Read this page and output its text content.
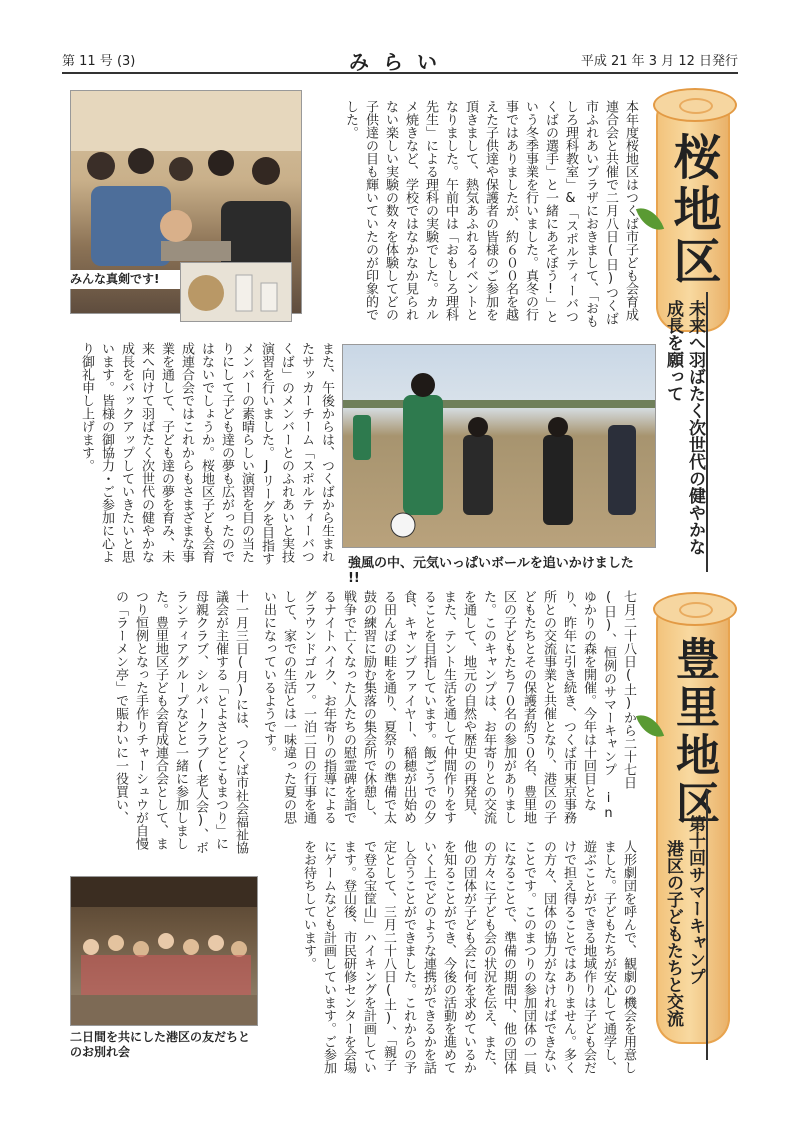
第 11 号 (3)	みらい	平成 21 年 3 月 12 日発行
桜地区
未来へ羽ばたく次世代の健やかな成長を願って
本年度桜地区はつくば市子ども会育成連合会と共催で二月八日(日)つくば市ふれあいプラザにおきまして、「おもしろ理科教室」&「スポルティーバつくばの選手」と一緒にあそぼう!」という冬季事業を行いました。真冬の行事ではありましたが、約６００名を越えた子供達や保護者の皆様のご参加を頂きまして、熱気あふれるイベントとなりました。午前中は「おもしろ理科先生」による理科の実験でした。カルメ焼きなど、学校ではなかなか見られない楽しい実験の数々を体験してどの子供達の目も輝いていたのが印象的でした。
みんな真剣です!
強風の中、元気いっぱいボールを追いかけました !!
また、午後からは、つくばから生まれたサッカーチーム「スポルティーバつくば」のメンバーとのふれあいと実技演習を行いました。Jリーグを目指すメンバーの素晴らしい演習を目の当たりにして子ども達の夢も広がったのではないでしょうか。桜地区子ども会育成連合会ではこれからもさまざまな事業を通して、子ども達の夢を育み、未来へ向けて羽ばたく次世代の健やかな成長をバックアップしていきたいと思います。皆様の御協力・ご参加に心より御礼申し上げます。
豊里地区
第十回サマーキャンプ
港区の子どもたちと交流
七月二十八日(土)から二十七日(日)、恒例のサマーキャンプ in ゆかりの森を開催。今年は十回目となり、昨年に引き続き、つくば市東京事務所との交流事業と共催となり、港区の子どもたちとその保護者約５０名、豊里地区の子どもたち７０名の参加がありました。このキャンプは、お年寄りとの交流を通して、地元の自然や歴史の再発見、また、テント生活を通して仲間作りをすることを目指しています。飯ごうでの夕食、キャンプファイヤー、稲穂が出始める田んぼの畦を通り、夏祭りの準備で太鼓の練習に励む集落の集会所で休憩し、戦争で亡くなった人たちの慰霊碑を詣でるナイトハイク、お年寄りの指導によるグラウンドゴルフ。一泊二日の行事を通して、家での生活とは一味違った夏の思い出になっているようです。
十一月三日(月)には、つくば市社会福祉協議会が主催する「とよさとどこもまつり」に母親クラブ、シルバークラブ(老人会)、ボランティアグループなどと一緒に参加しました。豊里地区子ども会育成連合会として、まつり恒例となった手作りチャーシュウが自慢の「ラーメン亭」で賑わいに一役買い、
人形劇団を呼んで、観劇の機会を用意しました。子どもたちが安心して通学し、遊ぶことができる地域作りは子ども会だけで担え得ることではありません。多くの方々、団体の協力がなければできないことです。このまつりの参加団体の一員になることで、準備の期間中、他の団体の方々に子ども会の状況を伝え、また、他の団体が子ども会に何を求めているかを知ることができ、今後の活動を進めていく上でどのような連携ができるかを話し合うことができました。これからの予定として、三月二十八日(土)、「親子で登る宝筐山」ハイキングを計画しています。登山後、市民研修センターを会場にゲームなども計画しています。ご参加をお待ちしています。
二日間を共にした港区の友だちとのお別れ会
